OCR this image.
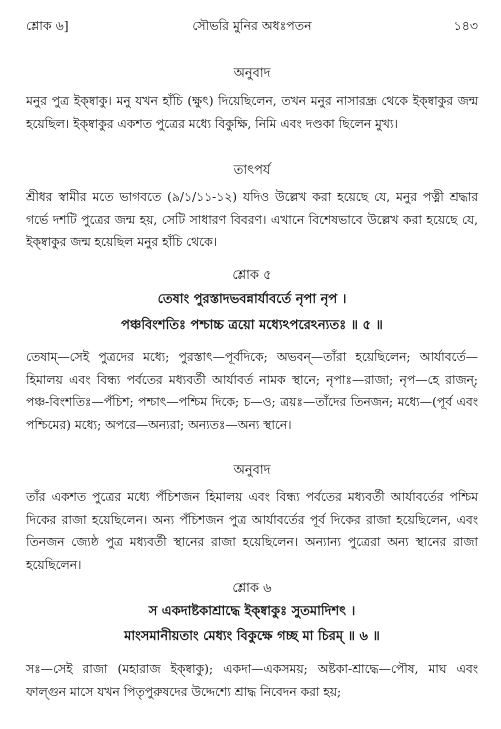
শ্লোক ৬]	সৌভরি মুনির অধঃপতন	১৪৩
অনুবাদ
মনুর পুত্র ইক্ষ্বাকু। মনু যখন হাঁচি (ক্ষুৎ) দিয়েছিলেন, তখন মনুর নাসারন্ধ্র থেকে ইক্ষ্বাকুর জন্ম হয়েছিল। ইক্ষ্বাকুর একশত পুত্রের মধ্যে বিকুক্ষি, নিমি এবং দণ্ডকা ছিলেন মুখ্য।
তাৎপর্য
শ্রীধর স্বামীর মতে ভাগবতে (৯/১/১১-১২) যদিও উল্লেখ করা হয়েছে যে, মনুর পত্নী শ্রদ্ধার গর্ভে দশটি পুত্রের জন্ম হয়, সেটি সাধারণ বিবরণ। এখানে বিশেষভাবে উল্লেখ করা হয়েছে যে, ইক্ষ্বাকুর জন্ম হয়েছিল মনুর হাঁচি থেকে।
শ্লোক ৫
তেষাং পুরস্তাদভবন্নার্যাবর্তে নৃপা নৃপ ।
পঞ্চবিংশতিঃ পশ্চাচ্চ ত্রয়ো মধ্যেঽপরেঽন্যতঃ ॥ ৫ ॥
তেষাম্—সেই পুত্রদের মধ্যে; পুরস্তাৎ—পূর্বদিকে; অভবন্—তাঁরা হয়েছিলেন; আর্যাবর্তে—হিমালয় এবং বিন্ধ্য পর্বতের মধ্যবর্তী আর্যাবর্ত নামক স্থানে; নৃপাঃ—রাজা; নৃপ—হে রাজন্; পঞ্চ-বিংশতিঃ—পঁচিশ; পশ্চাৎ—পশ্চিম দিকে; চ—ও; ত্রয়ঃ—তাঁদের তিনজন; মধ্যে—(পূর্ব এবং পশ্চিমের) মধ্যে; অপরে—অন্যরা; অন্যতঃ—অন্য স্থানে।
অনুবাদ
তাঁর একশত পুত্রের মধ্যে পঁচিশজন হিমালয় এবং বিন্ধ্য পর্বতের মধ্যবর্তী আর্যাবর্তের পশ্চিম দিকের রাজা হয়েছিলেন। অন্য পঁচিশজন পুত্র আর্যাবর্তের পূর্ব দিকের রাজা হয়েছিলেন, এবং তিনজন জ্যেষ্ঠ পুত্র মধ্যবর্তী স্থানের রাজা হয়েছিলেন। অন্যান্য পুত্রেরা অন্য স্থানের রাজা হয়েছিলেন।
শ্লোক ৬
স একদাষ্টকাশ্রাদ্ধে ইক্ষ্বাকুঃ সুতমাদিশৎ ।
মাংসমানীয়তাং মেধ্যং বিকুক্ষে গচ্ছ মা চিরম্ ॥ ৬ ॥
সঃ—সেই রাজা (মহারাজ ইক্ষ্বাকু); একদা—একসময়; অষ্টকা-শ্রাদ্ধে—পৌষ, মাঘ এবং ফাল্গুন মাসে যখন পিতৃপুরুষদের উদ্দেশ্যে শ্রাদ্ধ নিবেদন করা হয়;
